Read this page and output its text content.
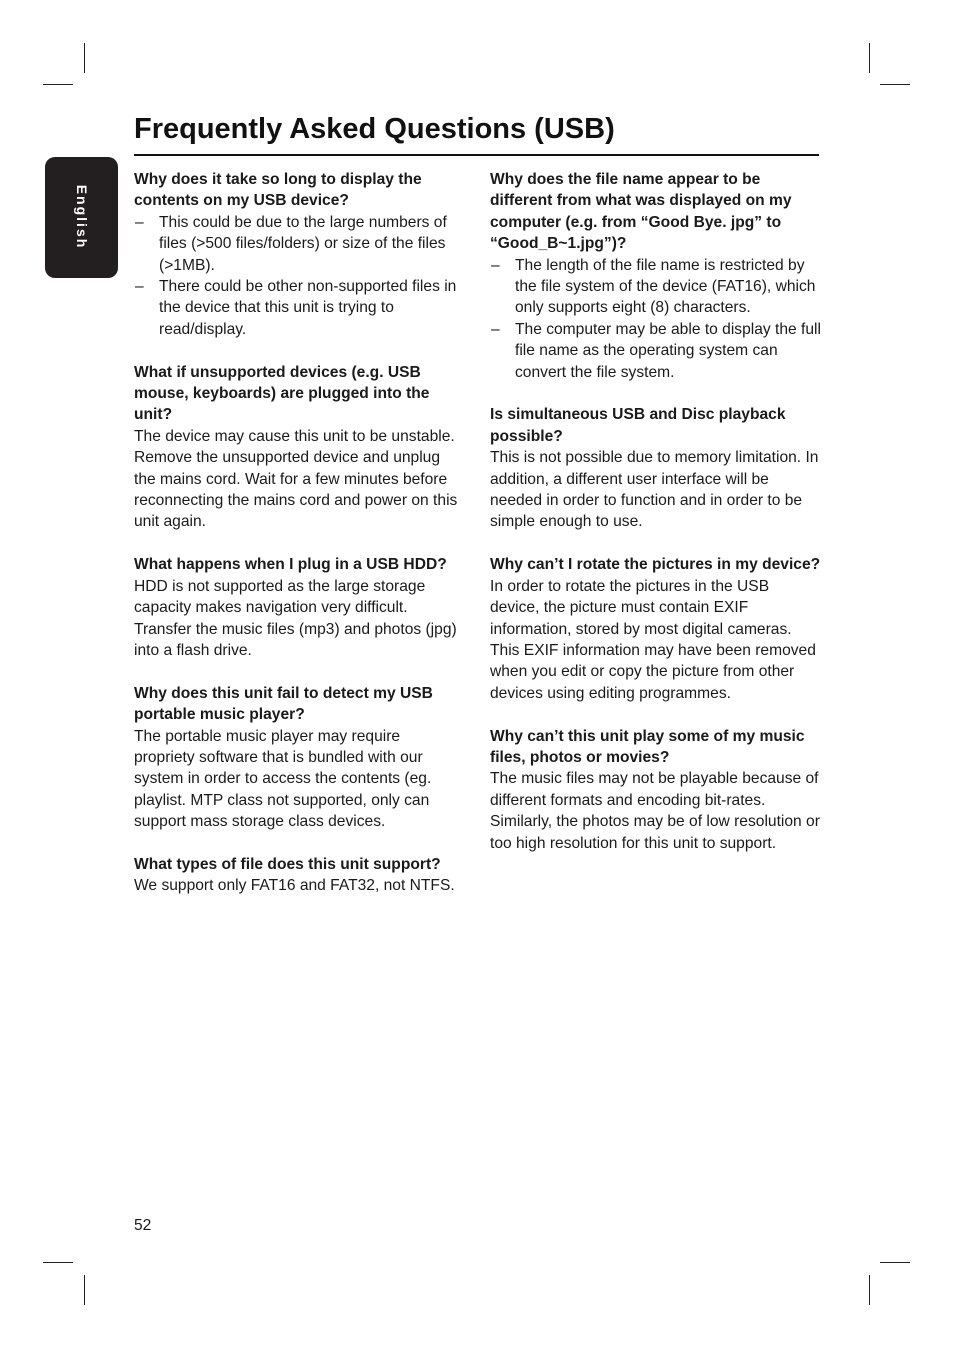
English
Frequently Asked Questions (USB)

Why does it take so long to display the contents on my USB device?

– This could be due to the large numbers of files (>500 files/folders) or size of the files (>1MB).
– There could be other non-supported files in the device that this unit is trying to read/display.

What if unsupported devices (e.g. USB mouse, keyboards) are plugged into the unit?

The device may cause this unit to be unstable. Remove the unsupported device and unplug the mains cord. Wait for a few minutes before reconnecting the mains cord and power on this unit again.

What happens when I plug in a USB HDD?

HDD is not supported as the large storage capacity makes navigation very difficult. Transfer the music files (mp3) and photos (jpg) into a flash drive.

Why does this unit fail to detect my USB portable music player?

The portable music player may require propriety software that is bundled with our system in order to access the contents (eg. playlist. MTP class not supported, only can support mass storage class devices.

What types of file does this unit support?

We support only FAT16 and FAT32, not NTFS.

Why does the file name appear to be different from what was displayed on my computer (e.g. from “Good Bye. jpg” to “Good_B~1.jpg”)?

– The length of the file name is restricted by the file system of the device (FAT16), which only supports eight (8) characters.
– The computer may be able to display the full file name as the operating system can convert the file system.

Is simultaneous USB and Disc playback possible?

This is not possible due to memory limitation. In addition, a different user interface will be needed in order to function and in order to be simple enough to use.

Why can’t I rotate the pictures in my device?

In order to rotate the pictures in the USB device, the picture must contain EXIF information, stored by most digital cameras. This EXIF information may have been removed when you edit or copy the picture from other devices using editing programmes.

Why can’t this unit play some of my music files, photos or movies?

The music files may not be playable because of different formats and encoding bit-rates. Similarly, the photos may be of low resolution or too high resolution for this unit to support.

52
